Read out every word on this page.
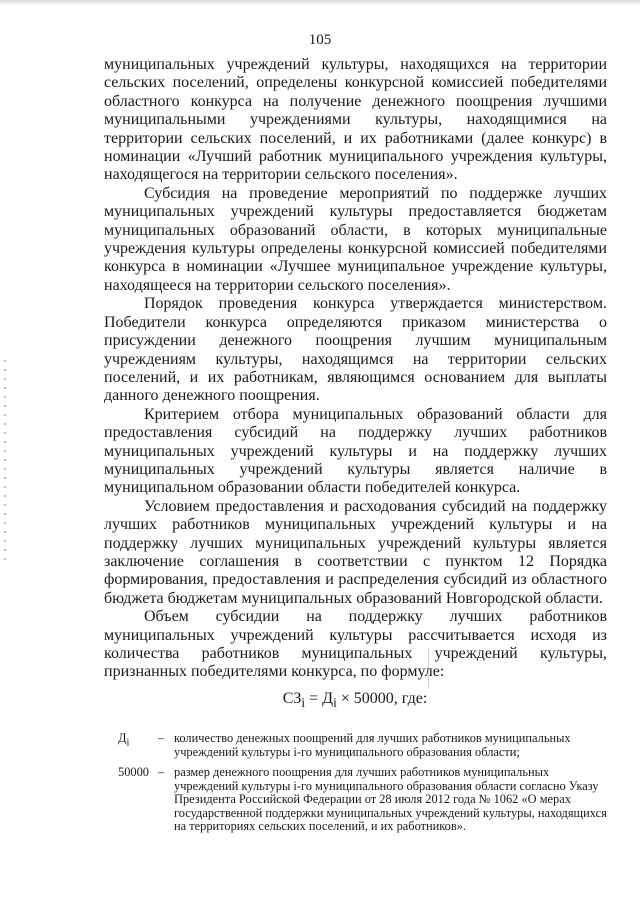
105

муниципальных учреждений культуры, находящихся на территории сельских поселений, определены конкурсной комиссией победителями областного конкурса на получение денежного поощрения лучшими муниципальными учреждениями культуры, находящимися на территории сельских поселений, и их работниками (далее конкурс) в номинации «Лучший работник муниципального учреждения культуры, находящегося на территории сельского поселения».

Субсидия на проведение мероприятий по поддержке лучших муниципальных учреждений культуры предоставляется бюджетам муниципальных образований области, в которых муниципальные учреждения культуры определены конкурсной комиссией победителями конкурса в номинации «Лучшее муниципальное учреждение культуры, находящееся на территории сельского поселения».

Порядок проведения конкурса утверждается министерством. Победители конкурса определяются приказом министерства о присуждении денежного поощрения лучшим муниципальным учреждениям культуры, находящимся на территории сельских поселений, и их работникам, являющимся основанием для выплаты данного денежного поощрения.

Критерием отбора муниципальных образований области для предоставления субсидий на поддержку лучших работников муниципальных учреждений культуры и на поддержку лучших муниципальных учреждений культуры является наличие в муниципальном образовании области победителей конкурса.

Условием предоставления и расходования субсидий на поддержку лучших работников муниципальных учреждений культуры и на поддержку лучших муниципальных учреждений культуры является заключение соглашения в соответствии с пунктом 12 Порядка формирования, предоставления и распределения субсидий из областного бюджета бюджетам муниципальных образований Новгородской области.

Объем субсидии на поддержку лучших работников муниципальных учреждений культуры рассчитывается исходя из количества работников муниципальных учреждений культуры, признанных победителями конкурса, по формуле:

$СЗ_i = Д_i \times 50000$, где:
$Д_i$	– количество денежных поощрений для лучших работников муниципальных учреждений культуры i-го муниципального образования области;
50000 – размер денежного поощрения для лучших работников муниципальных учреждений культуры i-го муниципального образования области согласно Указу Президента Российской Федерации от 28 июля 2012 года № 1062 «О мерах государственной поддержки муниципальных учреждений культуры, находящихся на территориях сельских поселений, и их работников».
